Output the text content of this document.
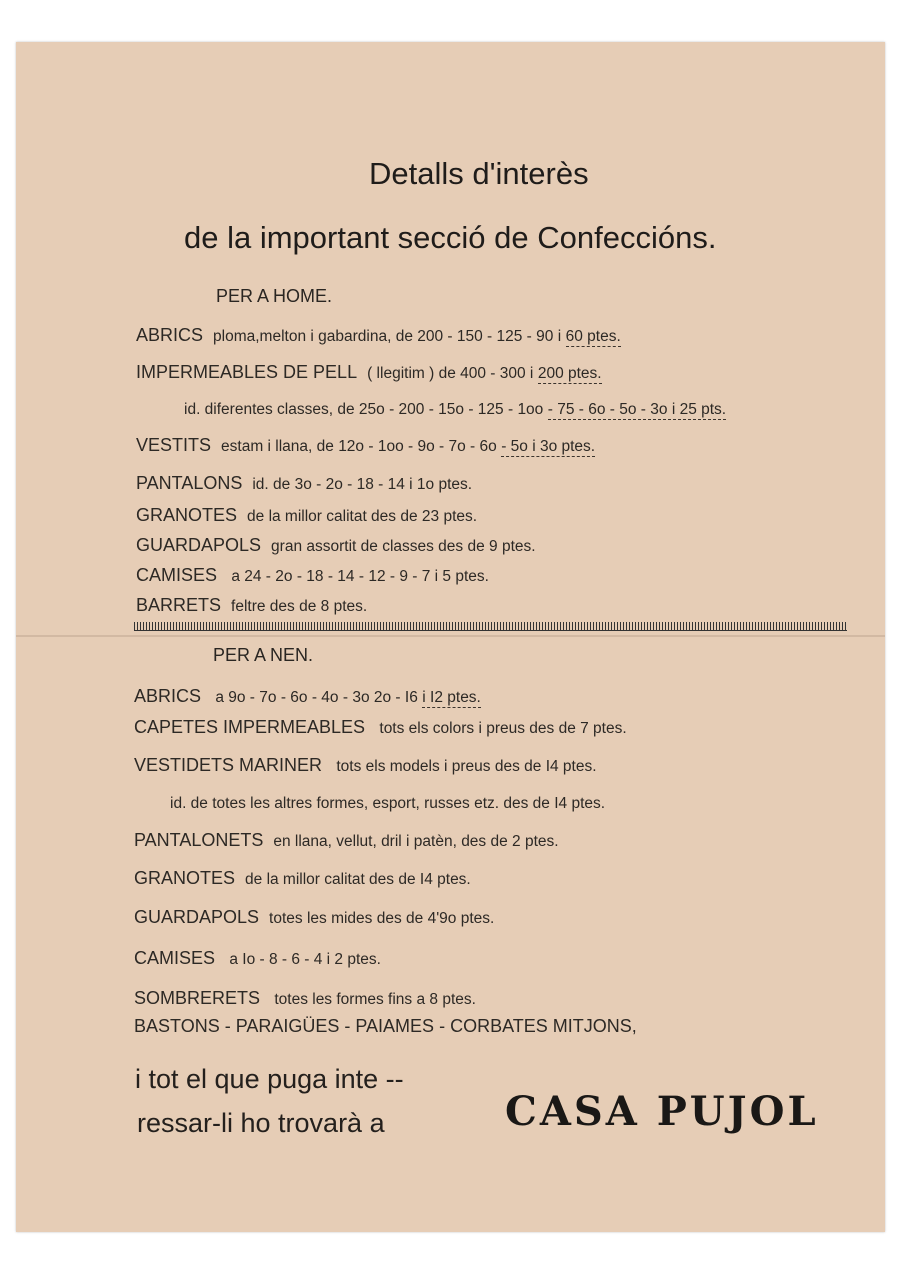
Detalls d'interès
de la important secció de Confeccións.
PER A HOME.
ABRICS ploma,melton i gabardina, de 200 - 150 - 125 - 90 i 60 ptes.
IMPERMEABLES DE PELL ( llegitim ) de 400 - 300 i 200 ptes.
id. diferentes classes, de 25o - 200 - 15o - 125 - 1oo - 75 - 6o - 5o - 3o i 25 pts.
VESTITS estam i llana, de 12o - 1oo - 9o - 7o - 6o - 5o i 3o ptes.
PANTALONS id. de 3o - 2o - 18 - 14 i 1o ptes.
GRANOTES de la millor calitat des de 23 ptes.
GUARDAPOLS gran assortit de classes des de 9 ptes.
CAMISES a 24 - 2o - 18 - 14 - 12 - 9 - 7 i 5 ptes.
BARRETS feltre des de 8 ptes.
PER A NEN.
ABRICS a 9o - 7o - 6o - 4o - 3o 2o - I6 i I2 ptes.
CAPETES IMPERMEABLES tots els colors i preus des de 7 ptes.
VESTIDETS MARINER tots els models i preus des de I4 ptes.
id. de totes les altres formes, esport, russes etz. des de I4 ptes.
PANTALONETS en llana, vellut, dril i patèn, des de 2 ptes.
GRANOTES de la millor calitat des de I4 ptes.
GUARDAPOLS totes les mides des de 4'9o ptes.
CAMISES a Io - 8 - 6 - 4 i 2 ptes.
SOMBRERETS totes les formes fins a 8 ptes.
BASTONS - PARAIGÜES - PAIAMES - CORBATES MITJONS,
i tot el que puga inte --
ressar-li ho trovarà a	CASA PUJOL
